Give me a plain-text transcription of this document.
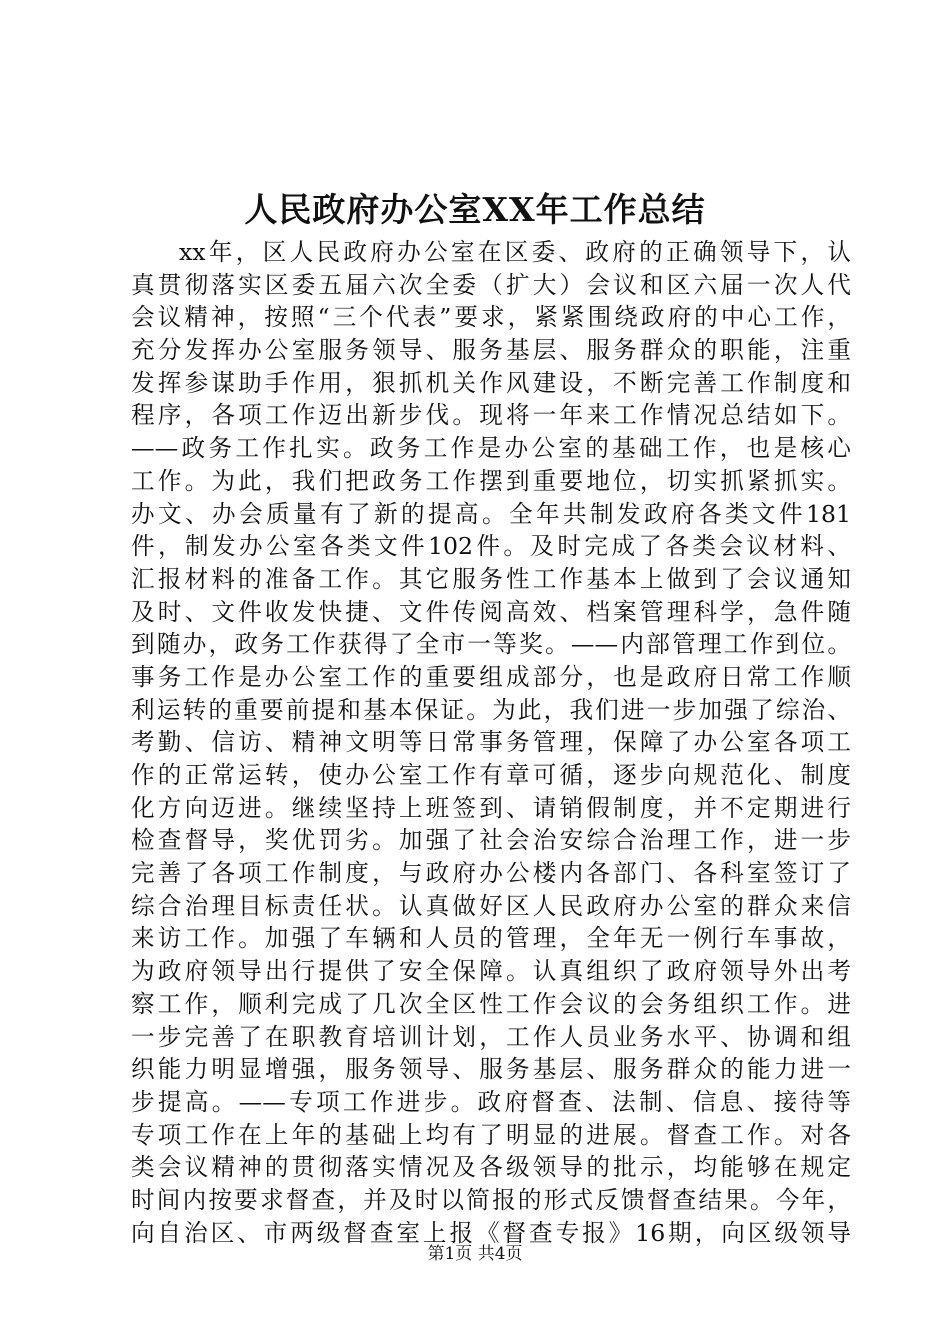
人民政府办公室XX年工作总结
xx年，区人民政府办公室在区委、政府的正确领导下，认
真贯彻落实区委五届六次全委（扩大）会议和区六届一次人代
会议精神，按照“三个代表”要求，紧紧围绕政府的中心工作，
充分发挥办公室服务领导、服务基层、服务群众的职能，注重
发挥参谋助手作用，狠抓机关作风建设，不断完善工作制度和
程序，各项工作迈出新步伐。现将一年来工作情况总结如下。
——政务工作扎实。政务工作是办公室的基础工作，也是核心
工作。为此，我们把政务工作摆到重要地位，切实抓紧抓实。
办文、办会质量有了新的提高。全年共制发政府各类文件181
件，制发办公室各类文件102件。及时完成了各类会议材料、
汇报材料的准备工作。其它服务性工作基本上做到了会议通知
及时、文件收发快捷、文件传阅高效、档案管理科学，急件随
到随办，政务工作获得了全市一等奖。——内部管理工作到位。
事务工作是办公室工作的重要组成部分，也是政府日常工作顺
利运转的重要前提和基本保证。为此，我们进一步加强了综治、
考勤、信访、精神文明等日常事务管理，保障了办公室各项工
作的正常运转，使办公室工作有章可循，逐步向规范化、制度
化方向迈进。继续坚持上班签到、请销假制度，并不定期进行
检查督导，奖优罚劣。加强了社会治安综合治理工作，进一步
完善了各项工作制度，与政府办公楼内各部门、各科室签订了
综合治理目标责任状。认真做好区人民政府办公室的群众来信
来访工作。加强了车辆和人员的管理，全年无一例行车事故，
为政府领导出行提供了安全保障。认真组织了政府领导外出考
察工作，顺利完成了几次全区性工作会议的会务组织工作。进
一步完善了在职教育培训计划，工作人员业务水平、协调和组
织能力明显增强，服务领导、服务基层、服务群众的能力进一
步提高。——专项工作进步。政府督查、法制、信息、接待等
专项工作在上年的基础上均有了明显的进展。督查工作。对各
类会议精神的贯彻落实情况及各级领导的批示，均能够在规定
时间内按要求督查，并及时以简报的形式反馈督查结果。今年，
向自治区、市两级督查室上报《督查专报》16期，向区级领导
第1页 共4页
